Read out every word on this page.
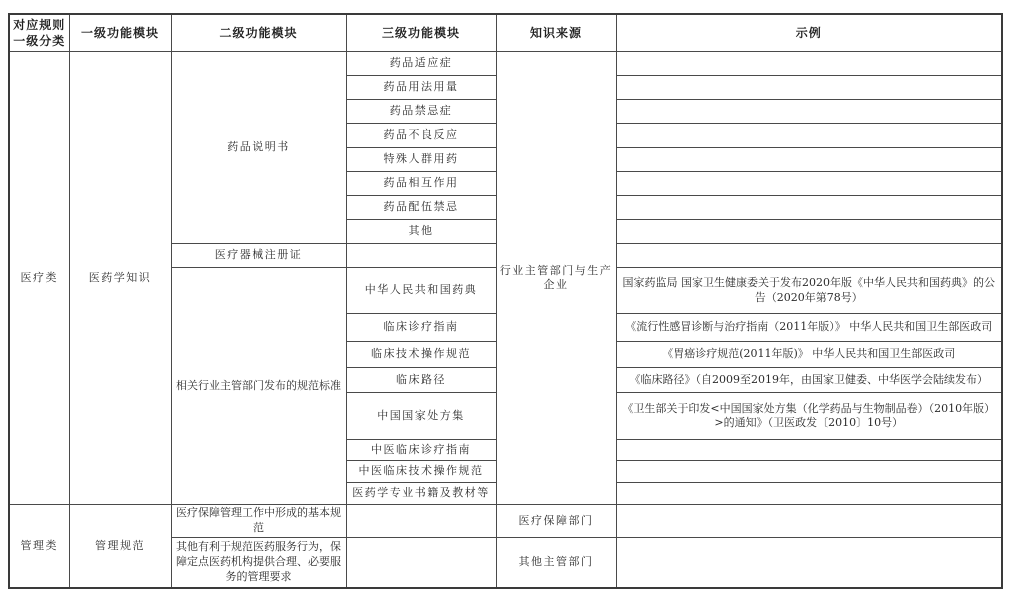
对应规则一级分类	一级功能模块	二级功能模块	三级功能模块	知识来源	示例
医疗类	医药学知识	药品说明书	药品适应症	行业主管部门与生产企业	
			药品用法用量		
			药品禁忌症		
			药品不良反应		
			特殊人群用药		
			药品相互作用		
			药品配伍禁忌		
			其他		
		医疗器械注册证			
		相关行业主管部门发布的规范标准	中华人民共和国药典		国家药监局 国家卫生健康委关于发布2020年版《中华人民共和国药典》的公告（2020年第78号）
			临床诊疗指南		《流行性感冒诊断与治疗指南（2011年版）》 中华人民共和国卫生部医政司
			临床技术操作规范		《胃癌诊疗规范(2011年版)》 中华人民共和国卫生部医政司
			临床路径		《临床路径》（自2009至2019年，由国家卫健委、中华医学会陆续发布）
			中国国家处方集		《卫生部关于印发<中国国家处方集（化学药品与生物制品卷）（2010年版）>的通知》（卫医政发〔2010〕10号）
			中医临床诊疗指南		
			中医临床技术操作规范		
			医药学专业书籍及教材等		
管理类	管理规范	医疗保障管理工作中形成的基本规范		医疗保障部门	
		其他有利于规范医药服务行为，保障定点医药机构提供合理、必要服务的管理要求		其他主管部门	
